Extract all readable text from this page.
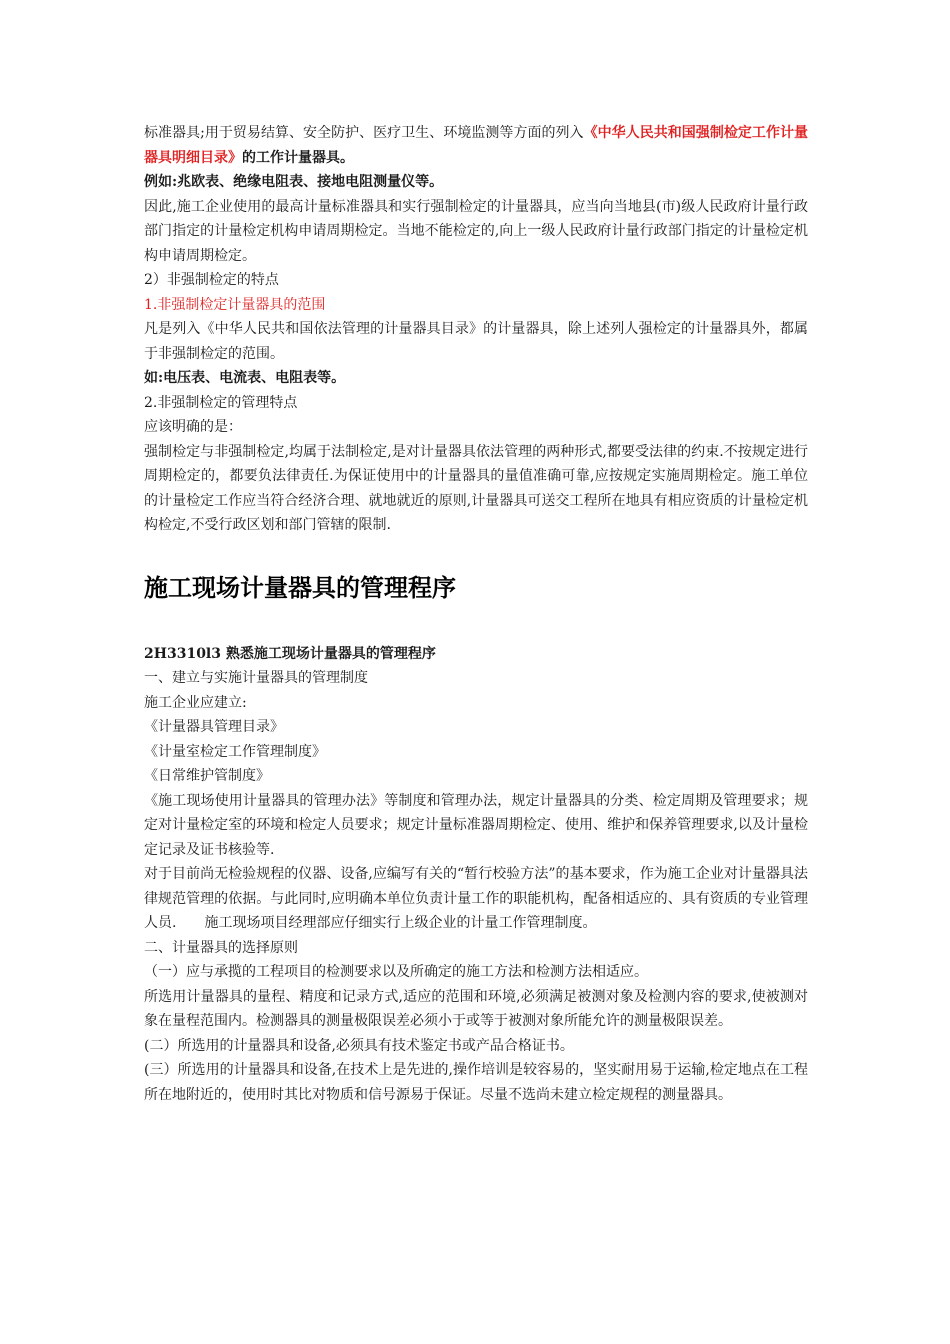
标准器具;用于贸易结算、安全防护、医疗卫生、环境监测等方面的列入《中华人民共和国强制检定工作计量器具明细目录》的工作计量器具。

例如:兆欧表、绝缘电阻表、接地电阻测量仪等。

因此,施工企业使用的最高计量标准器具和实行强制检定的计量器具，应当向当地县(市)级人民政府计量行政部门指定的计量检定机构申请周期检定。当地不能检定的,向上一级人民政府计量行政部门指定的计量检定机构申请周期检定。

2）非强制检定的特点

1.非强制检定计量器具的范围

凡是列入《中华人民共和国依法管理的计量器具目录》的计量器具，除上述列人强检定的计量器具外，都属于非强制检定的范围。

如:电压表、电流表、电阻表等。

2.非强制检定的管理特点

应该明确的是：

强制检定与非强制检定,均属于法制检定,是对计量器具依法管理的两种形式,都要受法律的约束.不按规定进行周期检定的，都要负法律责任.为保证使用中的计量器具的量值准确可靠,应按规定实施周期检定。施工单位的计量检定工作应当符合经济合理、就地就近的原则,计量器具可送交工程所在地具有相应资质的计量检定机构检定,不受行政区划和部门管辖的限制.

施工现场计量器具的管理程序

2H3310l3 熟悉施工现场计量器具的管理程序

一、建立与实施计量器具的管理制度

施工企业应建立:

《计量器具管理目录》

《计量室检定工作管理制度》

《日常维护管制度》

《施工现场使用计量器具的管理办法》等制度和管理办法，规定计量器具的分类、检定周期及管理要求；规定对计量检定室的环境和检定人员要求；规定计量标准器周期检定、使用、维护和保养管理要求,以及计量检定记录及证书核验等.

对于目前尚无检验规程的仪器、设备,应编写有关的“暂行校验方法”的基本要求，作为施工企业对计量器具法律规范管理的依据。与此同时,应明确本单位负责计量工作的职能机构，配备相适应的、具有资质的专业管理人员. 施工现场项目经理部应仔细实行上级企业的计量工作管理制度。

二、计量器具的选择原则

（一）应与承揽的工程项目的检测要求以及所确定的施工方法和检测方法相适应。

所选用计量器具的量程、精度和记录方式,适应的范围和环境,必须满足被测对象及检测内容的要求,使被测对象在量程范围内。检测器具的测量极限误差必须小于或等于被测对象所能允许的测量极限误差。

(二）所选用的计量器具和设备,必须具有技术鉴定书或产品合格证书。

(三）所选用的计量器具和设备,在技术上是先进的,操作培训是较容易的，坚实耐用易于运输,检定地点在工程所在地附近的，使用时其比对物质和信号源易于保证。尽量不选尚未建立检定规程的测量器具。
